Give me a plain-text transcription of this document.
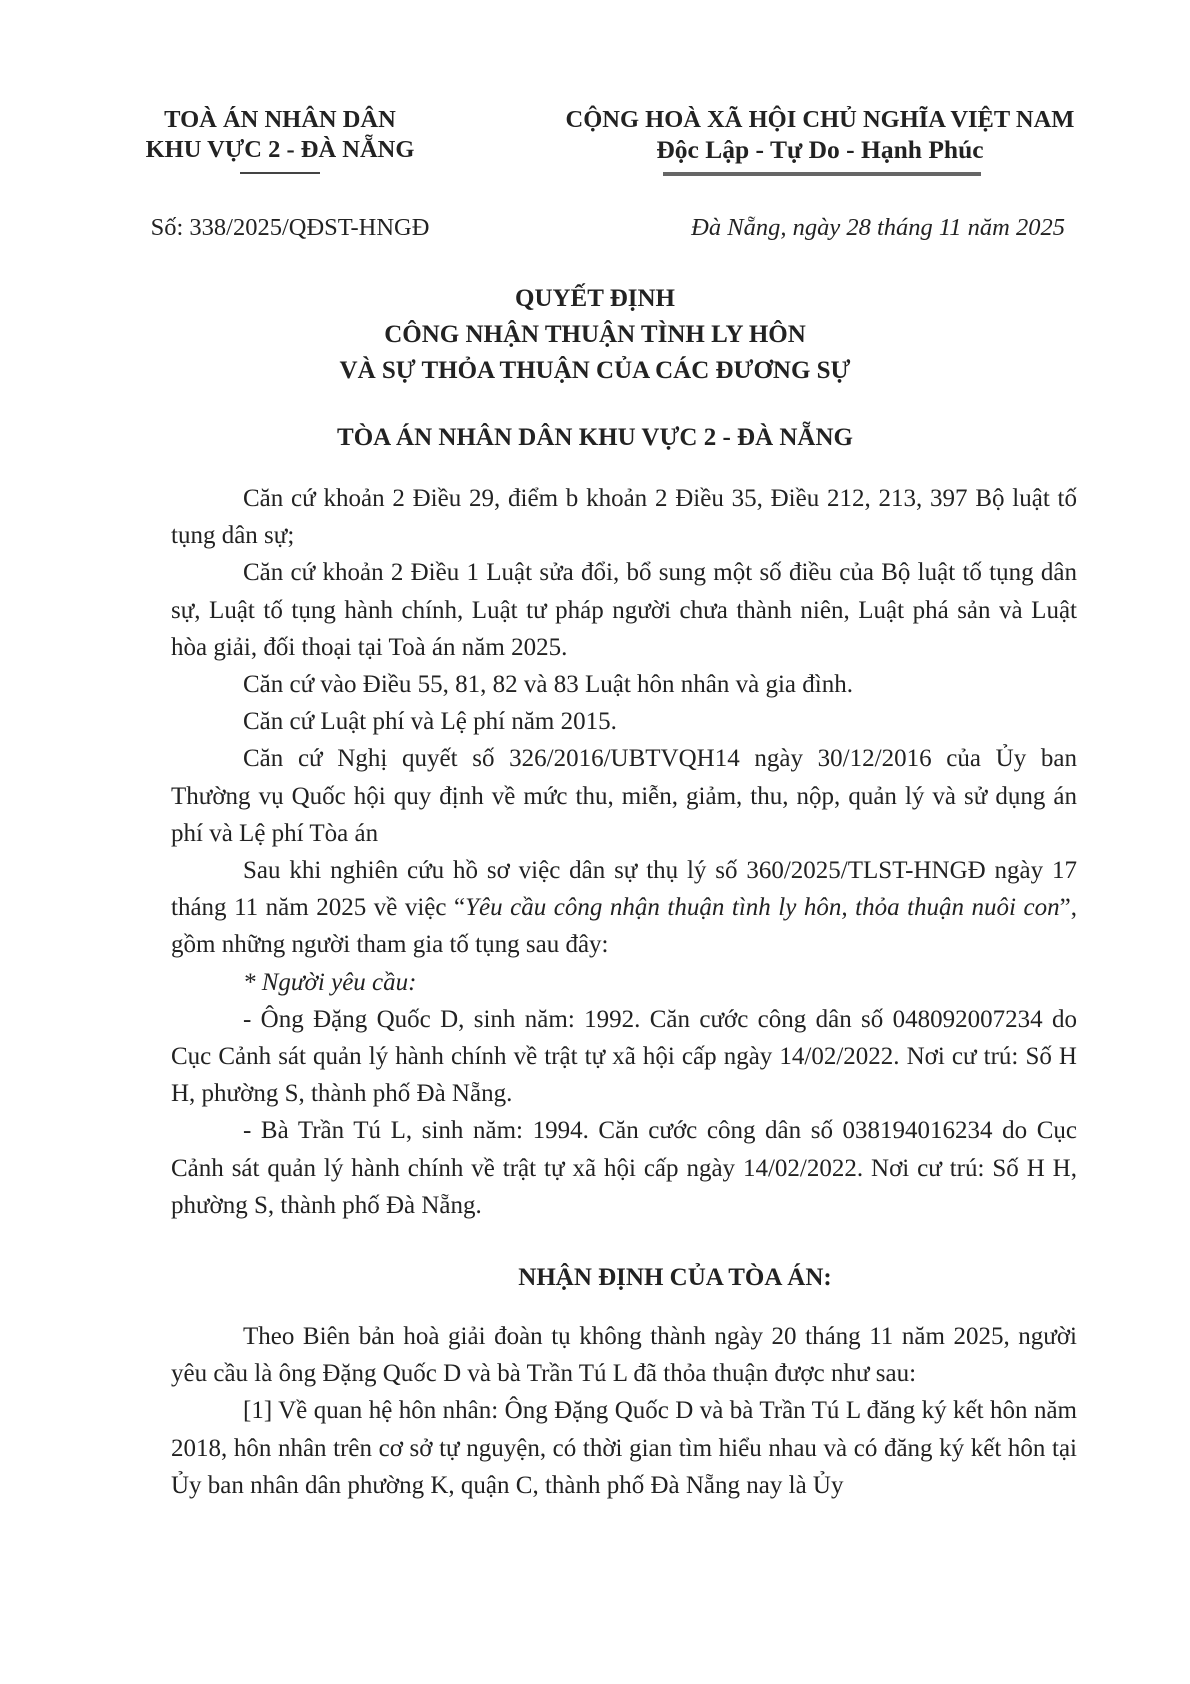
TOÀ ÁN NHÂN DÂN
KHU VỰC 2 - ĐÀ NẴNG
CỘNG HOÀ XÃ HỘI CHỦ NGHĨA VIỆT NAM
Độc Lập - Tự Do - Hạnh Phúc
Số: 338/2025/QĐST-HNGĐ	Đà Nẵng, ngày 28 tháng 11 năm 2025
QUYẾT ĐỊNH
CÔNG NHẬN THUẬN TÌNH LY HÔN
VÀ SỰ THỎA THUẬN CỦA CÁC ĐƯƠNG SỰ
TÒA ÁN NHÂN DÂN KHU VỰC 2 - ĐÀ NẴNG

Căn cứ khoản 2 Điều 29, điểm b khoản 2 Điều 35, Điều 212, 213, 397 Bộ luật tố tụng dân sự;

Căn cứ khoản 2 Điều 1 Luật sửa đổi, bổ sung một số điều của Bộ luật tố tụng dân sự, Luật tố tụng hành chính, Luật tư pháp người chưa thành niên, Luật phá sản và Luật hòa giải, đối thoại tại Toà án năm 2025.

Căn cứ vào Điều 55, 81, 82 và 83 Luật hôn nhân và gia đình.

Căn cứ Luật phí và Lệ phí năm 2015.

Căn cứ Nghị quyết số 326/2016/UBTVQH14 ngày 30/12/2016 của Ủy ban Thường vụ Quốc hội quy định về mức thu, miễn, giảm, thu, nộp, quản lý và sử dụng án phí và Lệ phí Tòa án

Sau khi nghiên cứu hồ sơ việc dân sự thụ lý số 360/2025/TLST-HNGĐ ngày 17 tháng 11 năm 2025 về việc “Yêu cầu công nhận thuận tình ly hôn, thỏa thuận nuôi con”, gồm những người tham gia tố tụng sau đây:

* Người yêu cầu:

- Ông Đặng Quốc D, sinh năm: 1992. Căn cước công dân số 048092007234 do Cục Cảnh sát quản lý hành chính về trật tự xã hội cấp ngày 14/02/2022. Nơi cư trú: Số H H, phường S, thành phố Đà Nẵng.

- Bà Trần Tú L, sinh năm: 1994. Căn cước công dân số 038194016234 do Cục Cảnh sát quản lý hành chính về trật tự xã hội cấp ngày 14/02/2022. Nơi cư trú: Số H H, phường S, thành phố Đà Nẵng.

NHẬN ĐỊNH CỦA TÒA ÁN:

Theo Biên bản hoà giải đoàn tụ không thành ngày 20 tháng 11 năm 2025, người yêu cầu là ông Đặng Quốc D và bà Trần Tú L đã thỏa thuận được như sau:

[1] Về quan hệ hôn nhân: Ông Đặng Quốc D và bà Trần Tú L đăng ký kết hôn năm 2018, hôn nhân trên cơ sở tự nguyện, có thời gian tìm hiểu nhau và có đăng ký kết hôn tại Ủy ban nhân dân phường K, quận C, thành phố Đà Nẵng nay là Ủy
